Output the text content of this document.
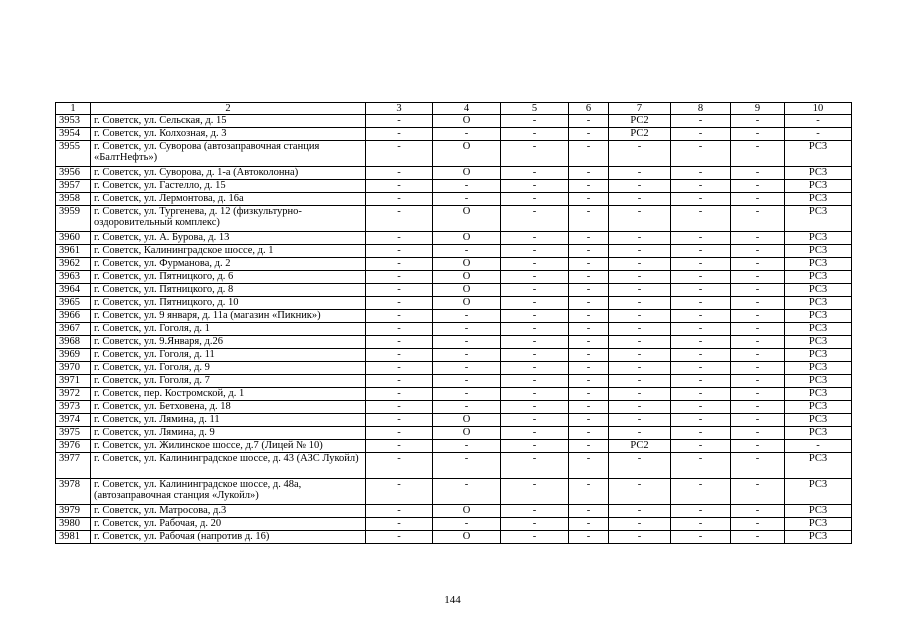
1	2	3	4	5	6	7	8	9	10
3953	г. Советск, ул. Сельская, д. 15	-	О	-	-	РС2	-	-	-
3954	г. Советск, ул. Колхозная, д. 3	-	-	-	-	РС2	-	-	-
3955	г. Советск, ул. Суворова (автозаправочная станция «БалтНефть»)	-	О	-	-	-	-	-	РС3
3956	г. Советск, ул. Суворова, д. 1-а (Автоколонна)	-	О	-	-	-	-	-	РС3
3957	г. Советск, ул. Гастелло, д. 15	-	-	-	-	-	-	-	РС3
3958	г. Советск, ул. Лермонтова, д. 16а	-	-	-	-	-	-	-	РС3
3959	г. Советск, ул. Тургенева, д. 12 (физкультурно-оздоровительный комплекс)	-	О	-	-	-	-	-	РС3
3960	г. Советск, ул. А. Бурова, д. 13	-	О	-	-	-	-	-	РС3
3961	г. Советск, Калининградское шоссе, д. 1	-	-	-	-	-	-	-	РС3
3962	г. Советск, ул. Фурманова, д. 2	-	О	-	-	-	-	-	РС3
3963	г. Советск, ул. Пятницкого, д. 6	-	О	-	-	-	-	-	РС3
3964	г. Советск, ул. Пятницкого, д. 8	-	О	-	-	-	-	-	РС3
3965	г. Советск, ул. Пятницкого, д. 10	-	О	-	-	-	-	-	РС3
3966	г. Советск, ул. 9 января, д. 11а (магазин «Пикник»)	-	-	-	-	-	-	-	РС3
3967	г. Советск, ул. Гоголя, д. 1	-	-	-	-	-	-	-	РС3
3968	г. Советск, ул. 9.Января, д.26	-	-	-	-	-	-	-	РС3
3969	г. Советск, ул. Гоголя, д. 11	-	-	-	-	-	-	-	РС3
3970	г. Советск, ул. Гоголя, д. 9	-	-	-	-	-	-	-	РС3
3971	г. Советск, ул. Гоголя, д. 7	-	-	-	-	-	-	-	РС3
3972	г. Советск, пер. Костромской, д. 1	-	-	-	-	-	-	-	РС3
3973	г. Советск, ул. Бетховена, д. 18	-	-	-	-	-	-	-	РС3
3974	г. Советск, ул. Лямина, д. 11	-	О	-	-	-	-	-	РС3
3975	г. Советск, ул. Лямина, д. 9	-	О	-	-	-	-	-	РС3
3976	г. Советск, ул. Жилинское шоссе, д.7 (Лицей № 10)	-	-	-	-	РС2	-	-	-
3977	г. Советск, ул. Калининградское шоссе, д. 43 (АЗС Лукойл)	-	-	-	-	-	-	-	РС3
3978	г. Советск, ул. Калининградское шоссе, д. 48а, (автозаправочная станция «Лукойл»)	-	-	-	-	-	-	-	РС3
3979	г. Советск, ул. Матросова, д.3	-	О	-	-	-	-	-	РС3
3980	г. Советск, ул. Рабочая, д. 20	-	-	-	-	-	-	-	РС3
3981	г. Советск, ул. Рабочая (напротив д. 16)	-	О	-	-	-	-	-	РС3
144
